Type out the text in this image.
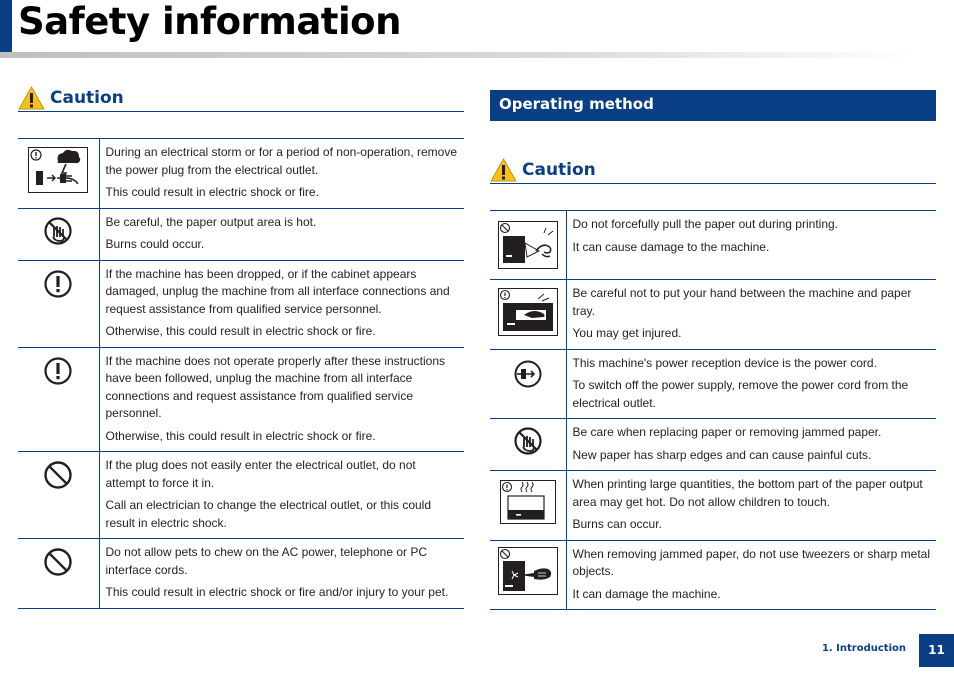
Safety information
Caution

During an electrical storm or for a period of non-operation, remove the power plug from the electrical outlet.

This could result in electric shock or fire.

Be careful, the paper output area is hot.

Burns could occur.

If the machine has been dropped, or if the cabinet appears damaged, unplug the machine from all interface connections and request assistance from qualified service personnel.

Otherwise, this could result in electric shock or fire.

If the machine does not operate properly after these instructions have been followed, unplug the machine from all interface connections and request assistance from qualified service personnel.

Otherwise, this could result in electric shock or fire.

If the plug does not easily enter the electrical outlet, do not attempt to force it in.

Call an electrician to change the electrical outlet, or this could result in electric shock.

Do not allow pets to chew on the AC power, telephone or PC interface cords.

This could result in electric shock or fire and/or injury to your pet.

Operating method
Caution

Do not forcefully pull the paper out during printing.

It can cause damage to the machine.

Be careful not to put your hand between the machine and paper tray.

You may get injured.

This machine's power reception device is the power cord.

To switch off the power supply, remove the power cord from the electrical outlet.

Be care when replacing paper or removing jammed paper.

New paper has sharp edges and can cause painful cuts.

When printing large quantities, the bottom part of the paper output area may get hot. Do not allow children to touch.

Burns can occur.

When removing jammed paper, do not use tweezers or sharp metal objects.

It can damage the machine.

1. Introduction	11
